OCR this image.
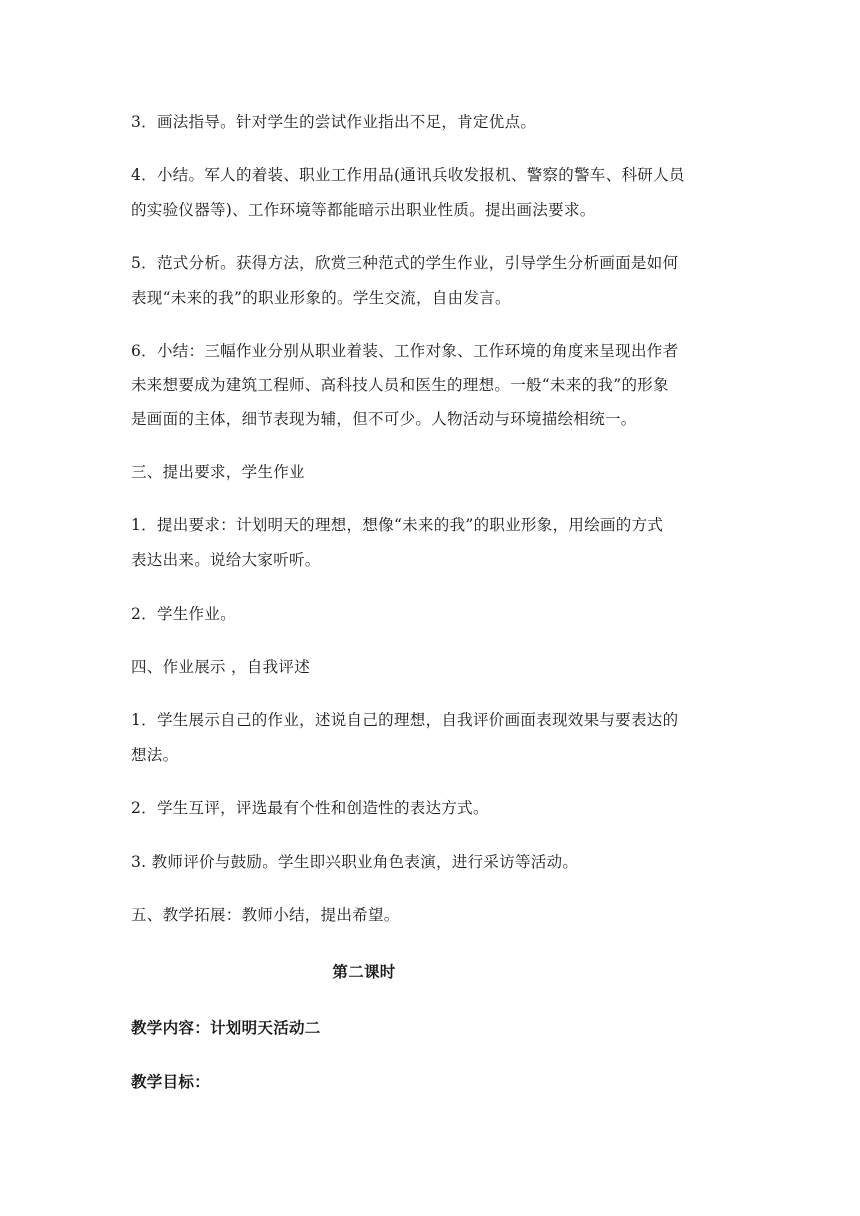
3．画法指导。针对学生的尝试作业指出不足，肯定优点。
4．小结。军人的着装、职业工作用品(通讯兵收发报机、警察的警车、科研人员
的实验仪器等)、工作环境等都能暗示出职业性质。提出画法要求。
5．范式分析。获得方法，欣赏三种范式的学生作业，引导学生分析画面是如何
表现“未来的我”的职业形象的。学生交流，自由发言。
6．小结：三幅作业分别从职业着装、工作对象、工作环境的角度来呈现出作者
未来想要成为建筑工程师、高科技人员和医生的理想。一般“未来的我”的形象
是画面的主体，细节表现为辅，但不可少。人物活动与环境描绘相统一。
三、提出要求，学生作业
1．提出要求：计划明天的理想，想像“未来的我”的职业形象，用绘画的方式
表达出来。说给大家听听。
2．学生作业。
四、作业展示 ，自我评述
1．学生展示自己的作业，述说自己的理想，自我评价画面表现效果与要表达的
想法。
2．学生互评，评选最有个性和创造性的表达方式。
3. 教师评价与鼓励。学生即兴职业角色表演，进行采访等活动。
五、教学拓展：教师小结，提出希望。
第二课时
教学内容：计划明天活动二
教学目标：
